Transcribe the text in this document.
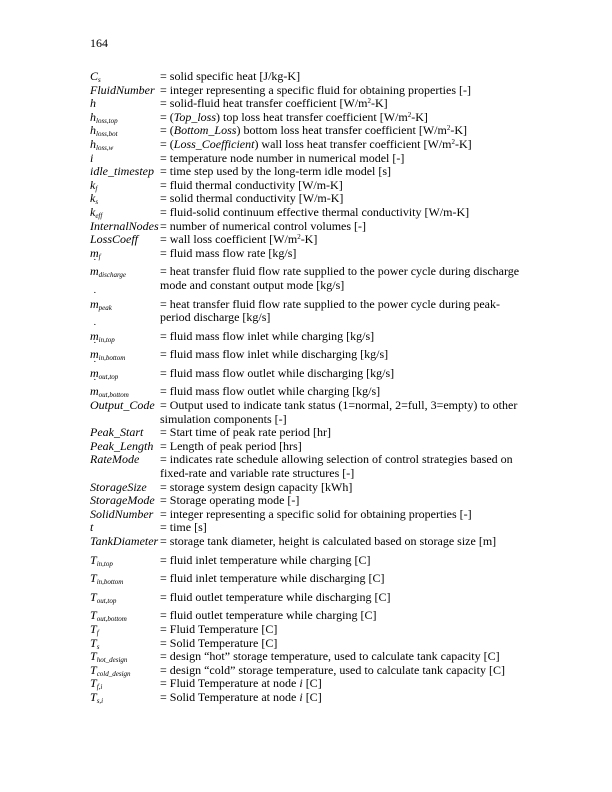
164
$C_s$	= solid specific heat [J/kg-K]
FluidNumber = integer representing a specific fluid for obtaining properties [-]
h	= solid-fluid heat transfer coefficient $[W/m^2-K]$
$h_{loss,top}$	= (Top_loss) top loss heat transfer coefficient $[W/m^2-K]$
$h_{loss,bot}$	= (Bottom_Loss) bottom loss heat transfer coefficient $[W/m^2-K]$
$h_{loss,w}$	= (Loss_Coefficient) wall loss heat transfer coefficient $[W/m^2-K]$
i	= temperature node number in numerical model [-]
idle_timestep = time step used by the long-term idle model [s]
$k_f$	= fluid thermal conductivity [W/m-K]
$k_s$	= solid thermal conductivity [W/m-K]
$k_{eff}$	= fluid-solid continuum effective thermal conductivity [W/m-K]
InternalNodes = number of numerical control volumes [-]
LossCoeff	= wall loss coefficient $[W/m^2-K]$
$m_f$	= fluid mass flow rate [kg/s]
˙ $m_{discharge}$	= heat transfer fluid flow rate supplied to the power cycle during discharge
mode and constant output mode [kg/s]
˙ $m_{peak}$	= heat transfer fluid flow rate supplied to the power cycle during peak-
period discharge [kg/s]
˙ $m_{in,top}$	= fluid mass flow inlet while charging [kg/s]
˙ $m_{in,bottom}$	= fluid mass flow inlet while discharging [kg/s]
˙ $m_{out,top}$	= fluid mass flow outlet while discharging [kg/s]
˙ $m_{out,bottom}$	= fluid mass flow outlet while charging [kg/s]
Output_Code = Output used to indicate tank status (1=normal, 2=full, 3=empty) to other
simulation components [-]
Peak_Start	= Start time of peak rate period [hr]
Peak_Length = Length of peak period [hrs]
RateMode	= indicates rate schedule allowing selection of control strategies based on
fixed-rate and variable rate structures [-]
StorageSize	= storage system design capacity [kWh]
StorageMode = Storage operating mode [-]
SolidNumber = integer representing a specific solid for obtaining properties [-]
t	= time [s]
TankDiameter = storage tank diameter, height is calculated based on storage size [m]
$T_{in,top}$	= fluid inlet temperature while charging [C]
$T_{in,bottom}$	= fluid inlet temperature while discharging [C]
$T_{out,top}$	= fluid outlet temperature while discharging [C]
$T_{out,bottom}$	= fluid outlet temperature while charging [C]
$T_f$	= Fluid Temperature [C]
$T_s$	= Solid Temperature [C]
$T_{hot\_design}$	= design “hot” storage temperature, used to calculate tank capacity [C]
$T_{cold\_design}$	= design “cold” storage temperature, used to calculate tank capacity [C]
$T_{f,i}$	= Fluid Temperature at node i [C]
$T_{s,i}$	= Solid Temperature at node i [C]
